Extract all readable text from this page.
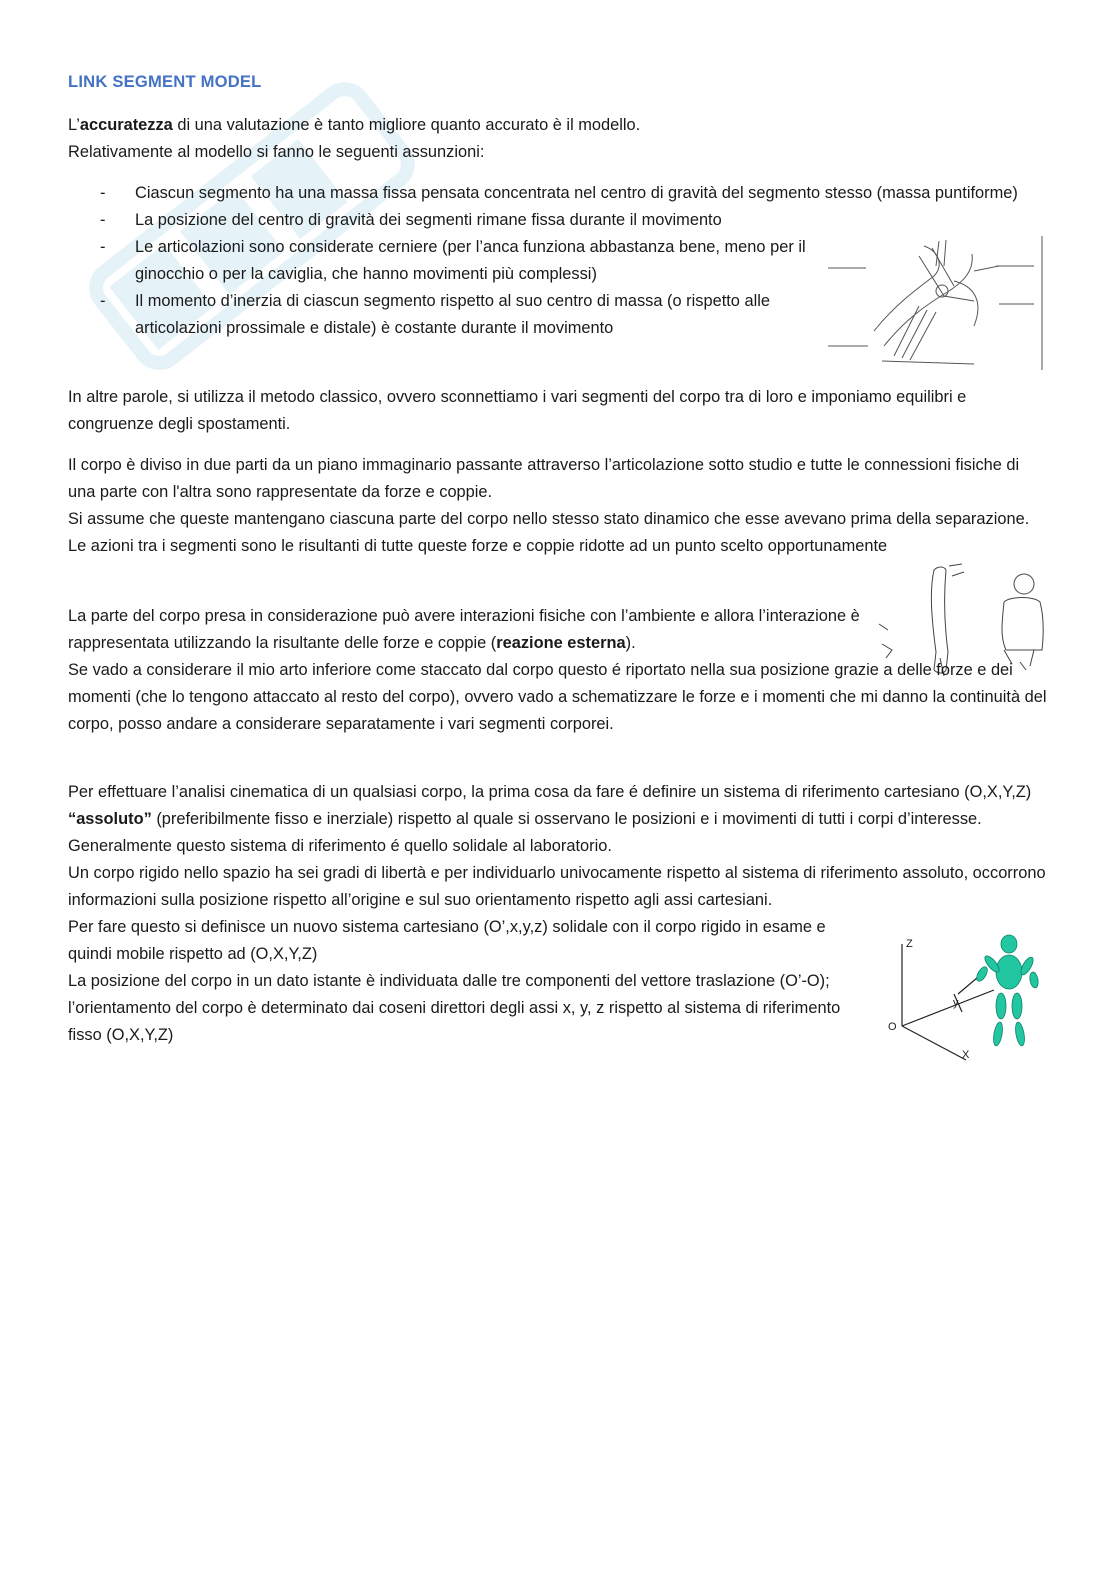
LINK SEGMENT MODEL

L’accuratezza di una valutazione è tanto migliore quanto accurato è il modello.

Relativamente al modello si fanno le seguenti assunzioni:

- Ciascun segmento ha una massa fissa pensata concentrata nel centro di gravità del segmento stesso (massa puntiforme)
- La posizione del centro di gravità dei segmenti rimane fissa durante il movimento
- Le articolazioni sono considerate cerniere (per l’anca funziona abbastanza bene, meno per il ginocchio o per la caviglia, che hanno movimenti più complessi)
- Il momento d’inerzia di ciascun segmento rispetto al suo centro di massa (o rispetto alle articolazioni prossimale e distale) è costante durante il movimento

In altre parole, si utilizza il metodo classico, ovvero sconnettiamo i vari segmenti del corpo tra di loro e imponiamo equilibri e congruenze degli spostamenti.

Il corpo è diviso in due parti da un piano immaginario passante attraverso l’articolazione sotto studio e tutte le connessioni fisiche di una parte con l'altra sono rappresentate da forze e coppie.

Si assume che queste mantengano ciascuna parte del corpo nello stesso stato dinamico che esse avevano prima della separazione. Le azioni tra i segmenti sono le risultanti di tutte queste forze e coppie ridotte ad un punto scelto opportunamente

La parte del corpo presa in considerazione può avere interazioni fisiche con l’ambiente e allora l’interazione è rappresentata utilizzando la risultante delle forze e coppie (reazione esterna).

Se vado a considerare il mio arto inferiore come staccato dal corpo questo é riportato nella sua posizione grazie a delle forze e dei momenti (che lo tengono attaccato al resto del corpo), ovvero vado a schematizzare le forze e i momenti che mi danno la continuità del corpo, posso andare a considerare separatamente i vari segmenti corporei.

Per effettuare l’analisi cinematica di un qualsiasi corpo, la prima cosa da fare é definire un sistema di riferimento cartesiano (O,X,Y,Z) “assoluto” (preferibilmente fisso e inerziale) rispetto al quale si osservano le posizioni e i movimenti di tutti i corpi d’interesse. Generalmente questo sistema di riferimento é quello solidale al laboratorio.

Un corpo rigido nello spazio ha sei gradi di libertà e per individuarlo univocamente rispetto al sistema di riferimento assoluto, occorrono informazioni sulla posizione rispetto all’origine e sul suo orientamento rispetto agli assi cartesiani.

Per fare questo si definisce un nuovo sistema cartesiano (O’,x,y,z) solidale con il corpo rigido in esame e quindi mobile rispetto ad (O,X,Y,Z)

La posizione del corpo in un dato istante è individuata dalle tre componenti del vettore traslazione (O’-O); l’orientamento del corpo è determinato dai coseni direttori degli assi x, y, z rispetto al sistema di riferimento fisso (O,X,Y,Z)

Z
y
O
X
